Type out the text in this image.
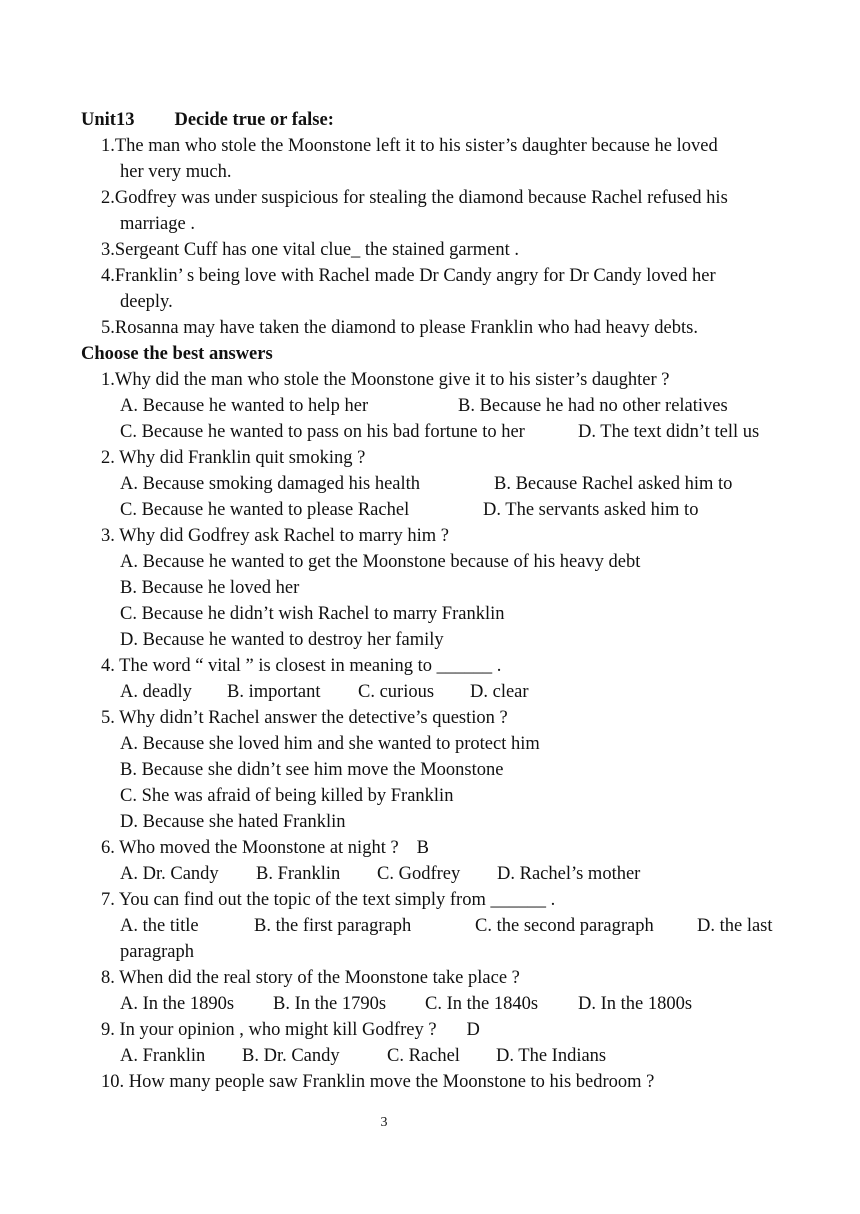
Unit13 Decide true or false:
1.The man who stole the Moonstone left it to his sister’s daughter because he loved
her very much.
2.Godfrey was under suspicious for stealing the diamond because Rachel refused his
marriage .
3.Sergeant Cuff has one vital clue_ the stained garment .
4.Franklin’ s being love with Rachel made Dr Candy angry for Dr Candy loved her
deeply.
5.Rosanna may have taken the diamond to please Franklin who had heavy debts.
Choose the best answers
1.Why did the man who stole the Moonstone give it to his sister’s daughter ?
A. Because he wanted to help her	B. Because he had no other relatives
C. Because he wanted to pass on his bad fortune to her	D. The text didn’t tell us
2. Why did Franklin quit smoking ?
A. Because smoking damaged his health	B. Because Rachel asked him to
C. Because he wanted to please Rachel	D. The servants asked him to
3. Why did Godfrey ask Rachel to marry him ?
A. Because he wanted to get the Moonstone because of his heavy debt
B. Because he loved her
C. Because he didn’t wish Rachel to marry Franklin
D. Because he wanted to destroy her family
4. The word “ vital ” is closest in meaning to ______ .
A. deadly B. important C. curious D. clear
5. Why didn’t Rachel answer the detective’s question ?
A. Because she loved him and she wanted to protect him
B. Because she didn’t see him move the Moonstone
C. She was afraid of being killed by Franklin
D. Because she hated Franklin
6. Who moved the Moonstone at night ? B
A. Dr. Candy B. Franklin C. Godfrey D. Rachel’s mother
7. You can find out the topic of the text simply from ______ .
A. the title	B. the first paragraph	C. the second paragraph D. the last
paragraph
8. When did the real story of the Moonstone take place ?
A. In the 1890s B. In the 1790s C. In the 1840s D. In the 1800s
9. In your opinion , who might kill Godfrey ? D
A. Franklin B. Dr. Candy	C. Rachel D. The Indians
10. How many people saw Franklin move the Moonstone to his bedroom ?
3
